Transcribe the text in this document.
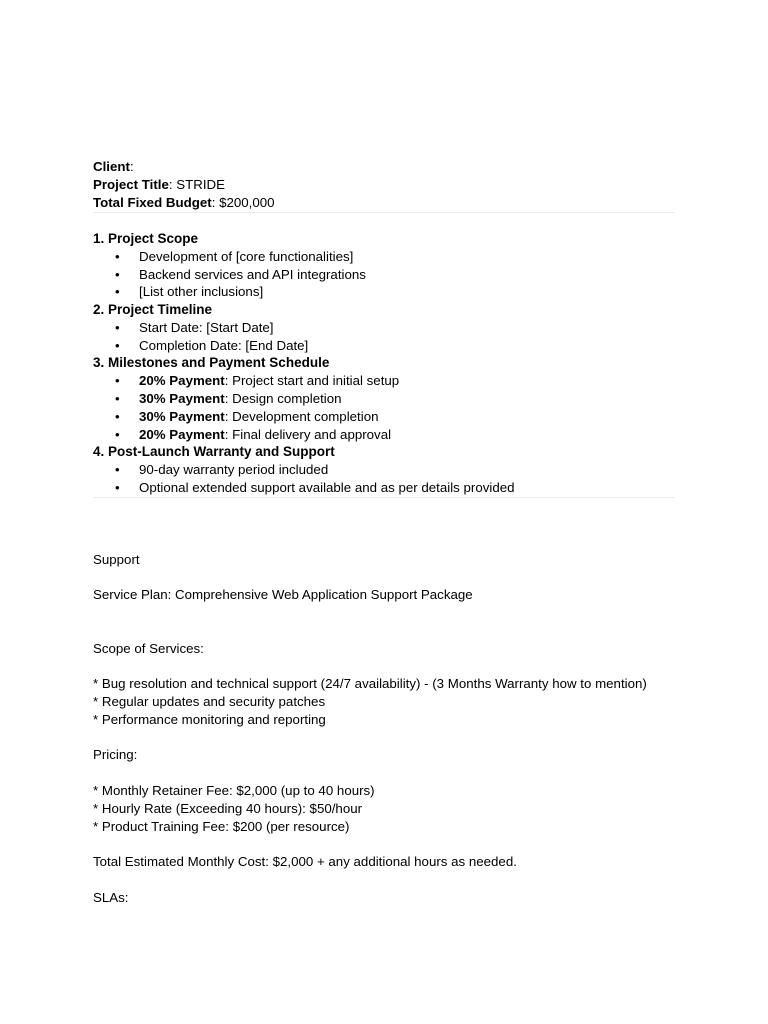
Client:
Project Title: STRIDE
Total Fixed Budget: $200,000
1. Project Scope
• Development of [core functionalities]
• Backend services and API integrations
• [List other inclusions]
2. Project Timeline
• Start Date: [Start Date]
• Completion Date: [End Date]
3. Milestones and Payment Schedule
• 20% Payment: Project start and initial setup
• 30% Payment: Design completion
• 30% Payment: Development completion
• 20% Payment: Final delivery and approval
4. Post-Launch Warranty and Support
• 90-day warranty period included
• Optional extended support available and as per details provided
Support
Service Plan: Comprehensive Web Application Support Package
Scope of Services:
* Bug resolution and technical support (24/7 availability) - (3 Months Warranty how to mention)
* Regular updates and security patches
* Performance monitoring and reporting
Pricing:
* Monthly Retainer Fee: $2,000 (up to 40 hours)
* Hourly Rate (Exceeding 40 hours): $50/hour
* Product Training Fee: $200 (per resource)
Total Estimated Monthly Cost: $2,000 + any additional hours as needed.
SLAs:
